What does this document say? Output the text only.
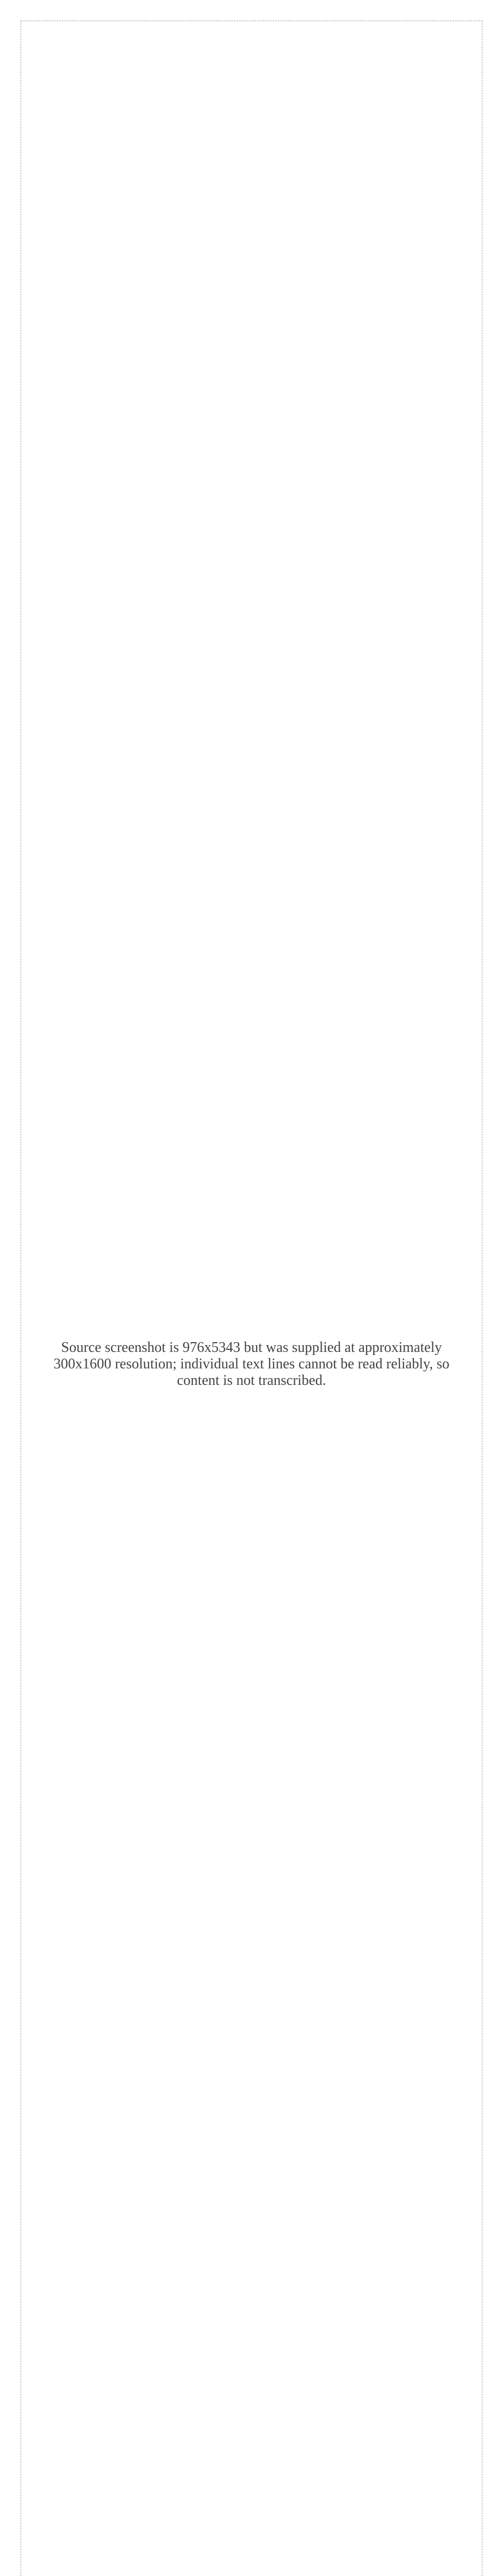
Source screenshot is 976x5343 but was supplied at approximately 300x1600 resolution; individual text lines cannot be read reliably, so content is not transcribed.
